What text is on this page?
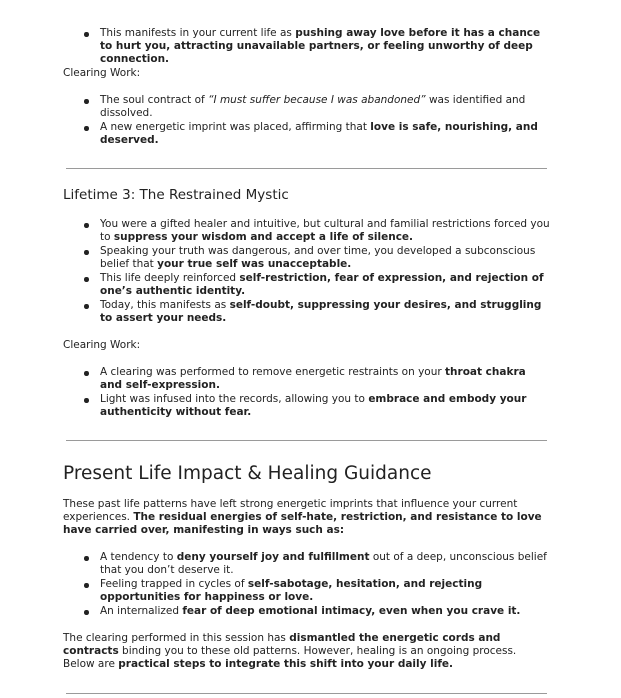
This manifests in your current life as pushing away love before it has a chance to hurt you, attracting unavailable partners, or feeling unworthy of deep connection.

Clearing Work:

The soul contract of “I must suffer because I was abandoned” was identified and dissolved.
A new energetic imprint was placed, affirming that love is safe, nourishing, and deserved.
Lifetime 3: The Restrained Mystic
You were a gifted healer and intuitive, but cultural and familial restrictions forced you to suppress your wisdom and accept a life of silence.
Speaking your truth was dangerous, and over time, you developed a subconscious belief that your true self was unacceptable.
This life deeply reinforced self-restriction, fear of expression, and rejection of one’s authentic identity.
Today, this manifests as self-doubt, suppressing your desires, and struggling to assert your needs.

Clearing Work:

A clearing was performed to remove energetic restraints on your throat chakra and self-expression.
Light was infused into the records, allowing you to embrace and embody your authenticity without fear.
Present Life Impact & Healing Guidance

These past life patterns have left strong energetic imprints that influence your current experiences. The residual energies of self-hate, restriction, and resistance to love have carried over, manifesting in ways such as:

A tendency to deny yourself joy and fulfillment out of a deep, unconscious belief that you don’t deserve it.
Feeling trapped in cycles of self-sabotage, hesitation, and rejecting opportunities for happiness or love.
An internalized fear of deep emotional intimacy, even when you crave it.

The clearing performed in this session has dismantled the energetic cords and contracts binding you to these old patterns. However, healing is an ongoing process. Below are practical steps to integrate this shift into your daily life.
